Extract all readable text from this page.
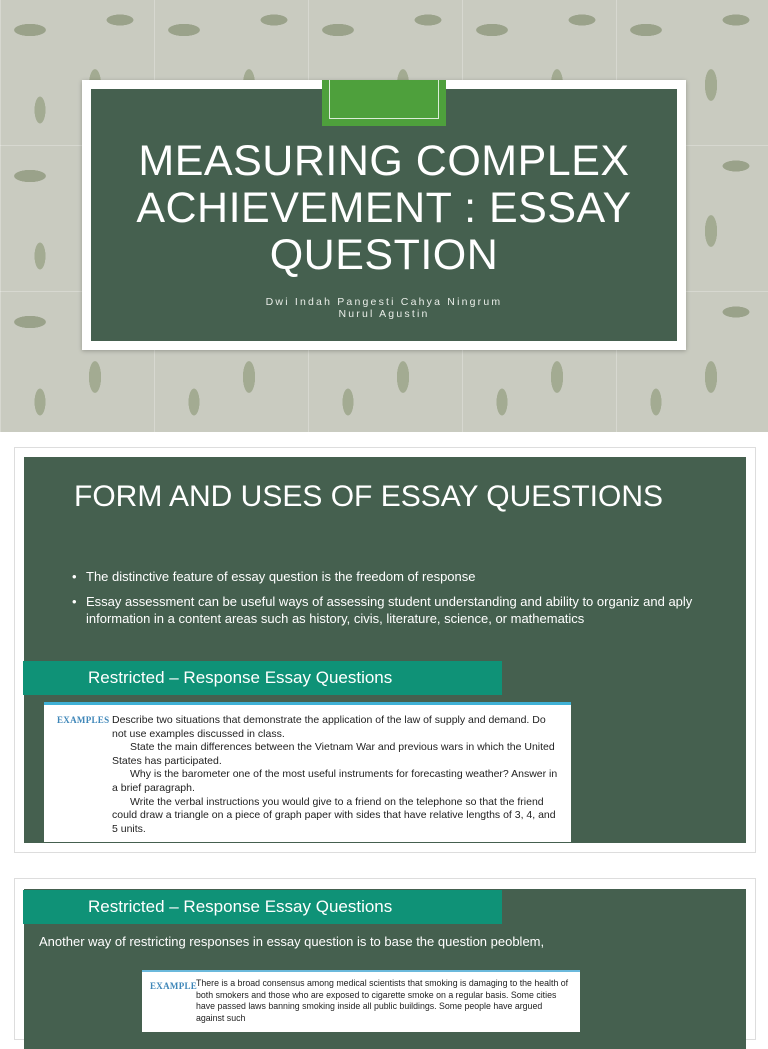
MEASURING COMPLEX ACHIEVEMENT : ESSAY QUESTION
Dwi Indah Pangesti Cahya Ningrum
Nurul Agustin
FORM AND USES OF ESSAY QUESTIONS
• The distinctive feature of essay question is the freedom of response
• Essay assessment can be useful ways of assessing student understanding and ability to organiz and aply information in a content areas such as history, civis, literature, science, or mathematics
Restricted – Response Essay Questions
EXAMPLES Describe two situations that demonstrate the application of the law of supply and demand. Do not use examples discussed in class.

State the main differences between the Vietnam War and previous wars in which the United States has participated.

Why is the barometer one of the most useful instruments for forecasting weather? Answer in a brief paragraph.

Write the verbal instructions you would give to a friend on the telephone so that the friend could draw a triangle on a piece of graph paper with sides that have relative lengths of 3, 4, and 5 units.

Restricted – Response Essay Questions
Another way of restricting responses in essay question is to base the question peoblem,
EXAMPLE
There is a broad consensus among medical scientists that smoking is damaging to the health of both smokers and those who are exposed to cigarette smoke on a regular basis. Some cities have passed laws banning smoking inside all public buildings. Some people have argued against such
